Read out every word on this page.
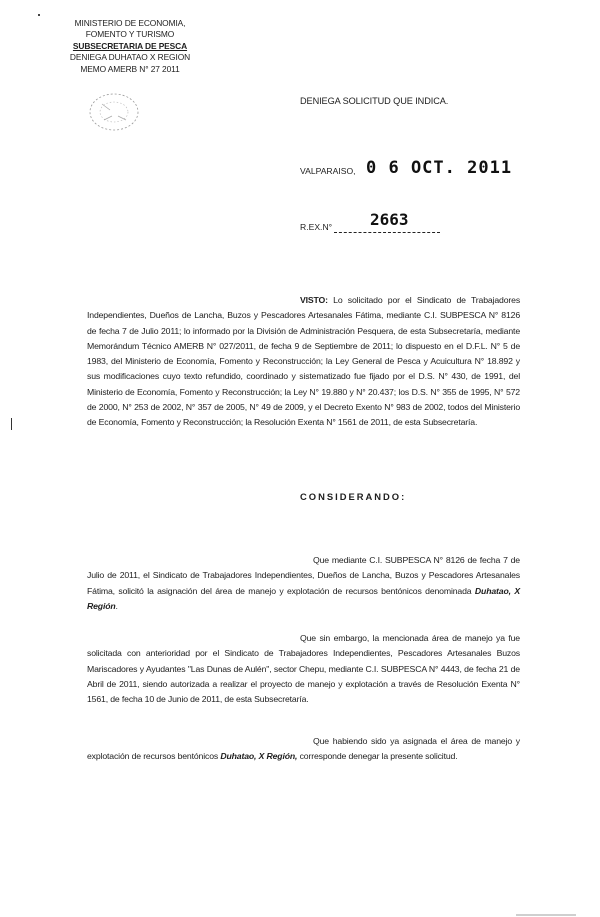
MINISTERIO DE ECONOMIA,
FOMENTO Y TURISMO
SUBSECRETARIA DE PESCA
DENIEGA DUHATAO X REGION
MEMO AMERB N° 27 2011
DENIEGA SOLICITUD QUE INDICA.
VALPARAISO, 0 6 OCT. 2011
R.EX.N° 2663
VISTO: Lo solicitado por el Sindicato de Trabajadores Independientes, Dueños de Lancha, Buzos y Pescadores Artesanales Fátima, mediante C.I. SUBPESCA N° 8126 de fecha 7 de Julio 2011; lo informado por la División de Administración Pesquera, de esta Subsecretaría, mediante Memorándum Técnico AMERB N° 027/2011, de fecha 9 de Septiembre de 2011; lo dispuesto en el D.F.L. N° 5 de 1983, del Ministerio de Economía, Fomento y Reconstrucción; la Ley General de Pesca y Acuicultura N° 18.892 y sus modificaciones cuyo texto refundido, coordinado y sistematizado fue fijado por el D.S. N° 430, de 1991, del Ministerio de Economía, Fomento y Reconstrucción; la Ley N° 19.880 y N° 20.437; los D.S. N° 355 de 1995, N° 572 de 2000, N° 253 de 2002, N° 357 de 2005, N° 49 de 2009, y el Decreto Exento N° 983 de 2002, todos del Ministerio de Economía, Fomento y Reconstrucción; la Resolución Exenta N° 1561 de 2011, de esta Subsecretaría.
CONSIDERANDO:
Que mediante C.I. SUBPESCA N° 8126 de fecha 7 de Julio de 2011, el Sindicato de Trabajadores Independientes, Dueños de Lancha, Buzos y Pescadores Artesanales Fátima, solicitó la asignación del área de manejo y explotación de recursos bentónicos denominada Duhatao, X Región.
Que sin embargo, la mencionada área de manejo ya fue solicitada con anterioridad por el Sindicato de Trabajadores Independientes, Pescadores Artesanales Buzos Mariscadores y Ayudantes "Las Dunas de Aulén", sector Chepu, mediante C.I. SUBPESCA N° 4443, de fecha 21 de Abril de 2011, siendo autorizada a realizar el proyecto de manejo y explotación a través de Resolución Exenta N° 1561, de fecha 10 de Junio de 2011, de esta Subsecretaría.
Que habiendo sido ya asignada el área de manejo y explotación de recursos bentónicos Duhatao, X Región, corresponde denegar la presente solicitud.
